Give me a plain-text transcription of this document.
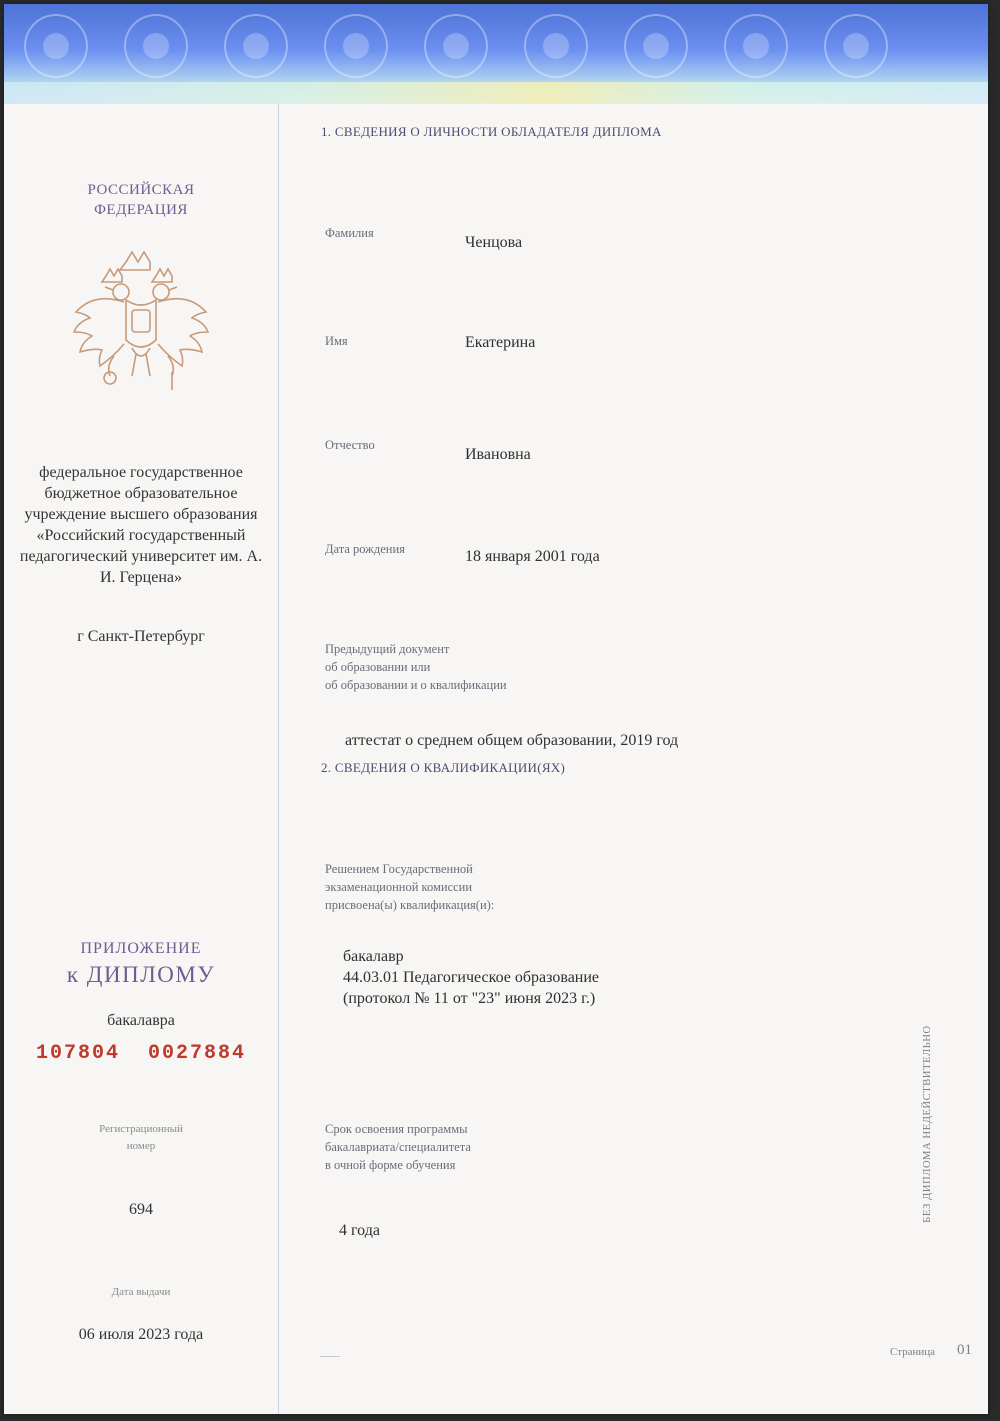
РОССИЙСКАЯ
ФЕДЕРАЦИЯ
федеральное государственное бюджетное образовательное учреждение высшего образования «Российский государственный педагогический университет им. А. И. Герцена»
г Санкт-Петербург
ПРИЛОЖЕНИЕ
к ДИПЛОМУ
бакалавра
107804  0027884
Регистрационный номер
694
Дата выдачи
06 июля 2023 года
1. СВЕДЕНИЯ О ЛИЧНОСТИ ОБЛАДАТЕЛЯ ДИПЛОМА
Фамилия
Ченцова
Имя	Екатерина
Отчество
Ивановна
Дата рождения	18 января 2001 года
Предыдущий документ
об образовании или
об образовании и о квалификации
аттестат о среднем общем образовании, 2019 год
2. СВЕДЕНИЯ О КВАЛИФИКАЦИИ(ЯХ)
Решением Государственной
экзаменационной комиссии
присвоена(ы) квалификация(и):
бакалавр
44.03.01 Педагогическое образование
(протокол № 11 от "23" июня 2023 г.)
Срок освоения программы
бакалавриата/специалитета
в очной форме обучения
4 года
БЕЗ ДИПЛОМА НЕДЕЙСТВИТЕЛЬНО
Страница 01
